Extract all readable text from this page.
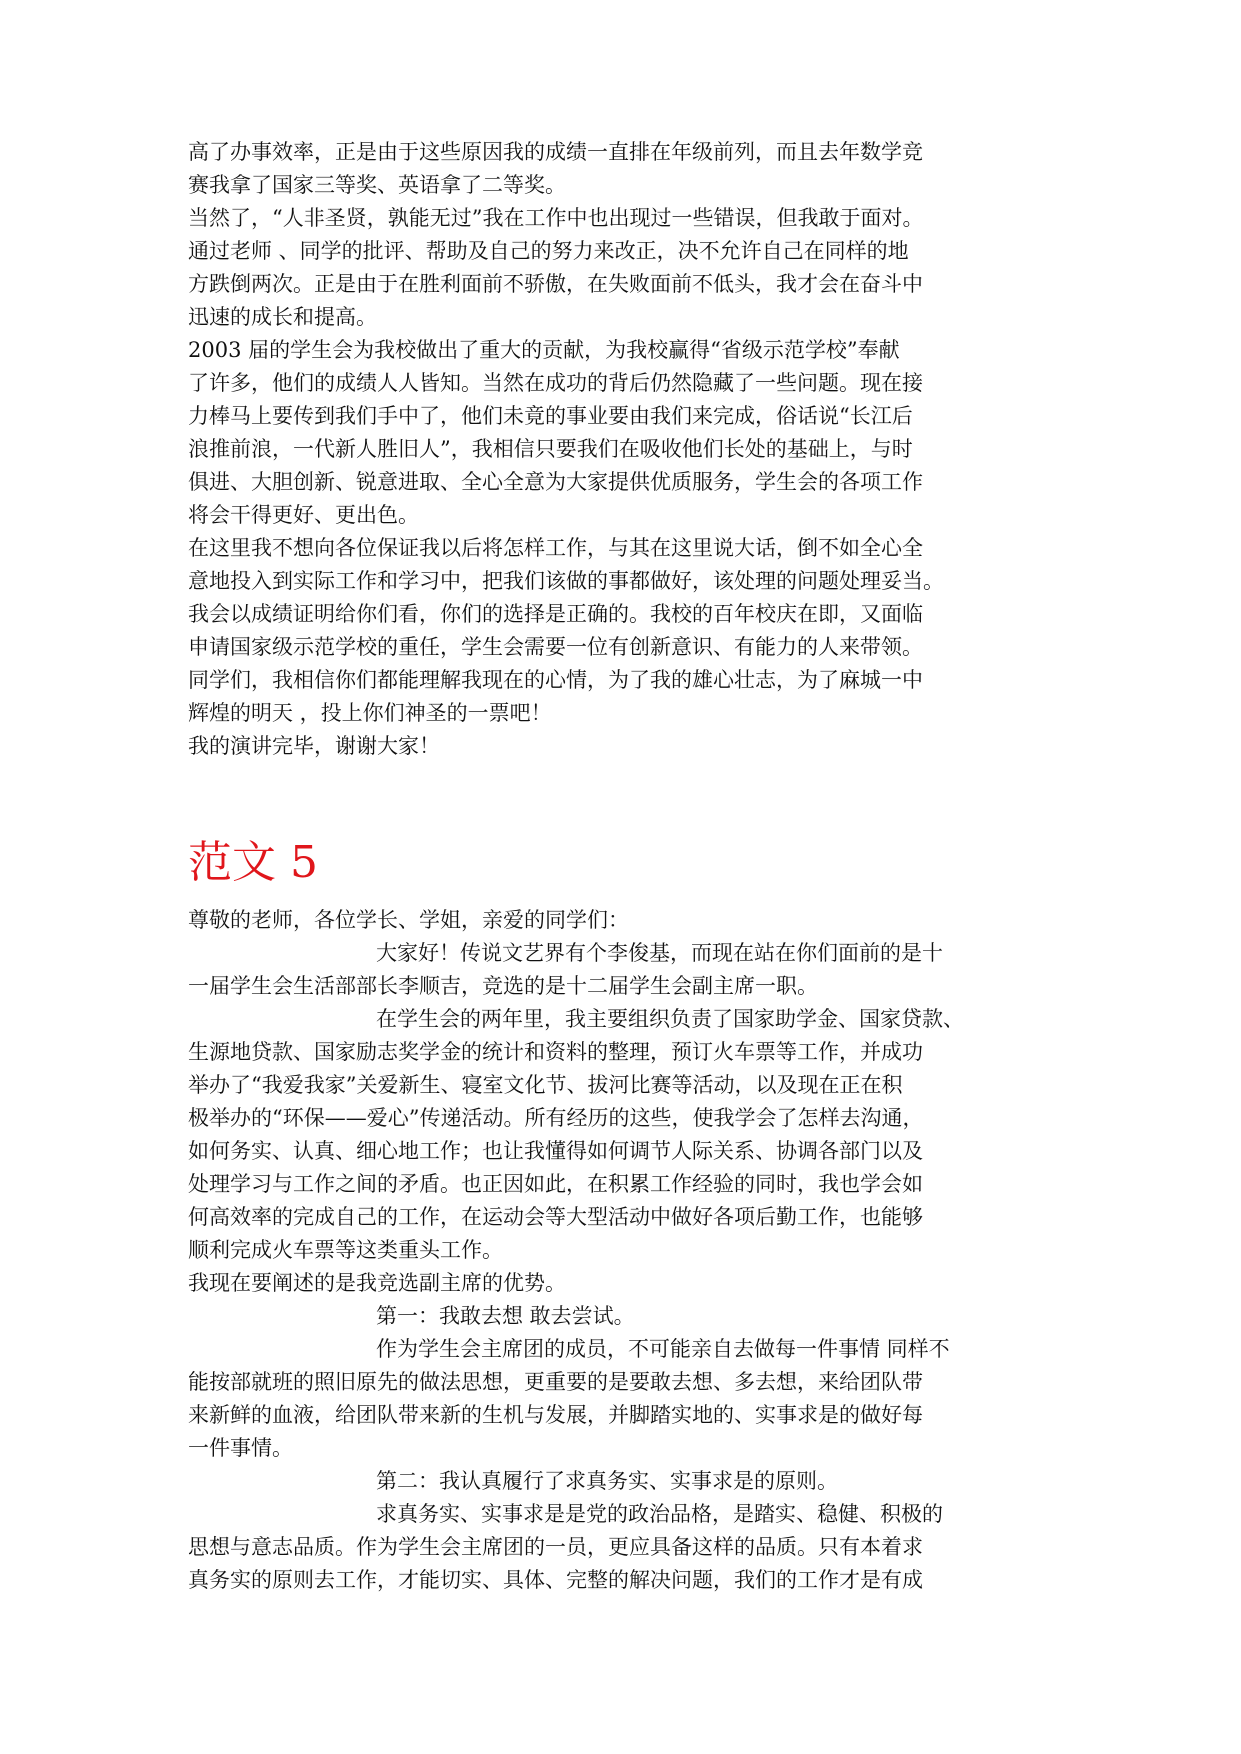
高了办事效率，正是由于这些原因我的成绩一直排在年级前列，而且去年数学竞
赛我拿了国家三等奖、英语拿了二等奖。
当然了，“人非圣贤，孰能无过”我在工作中也出现过一些错误，但我敢于面对。
通过老师 、同学的批评、帮助及自己的努力来改正，决不允许自己在同样的地
方跌倒两次。正是由于在胜利面前不骄傲，在失败面前不低头，我才会在奋斗中
迅速的成长和提高。
2003 届的学生会为我校做出了重大的贡献，为我校赢得“省级示范学校”奉献
了许多，他们的成绩人人皆知。当然在成功的背后仍然隐藏了一些问题。现在接
力棒马上要传到我们手中了，他们未竟的事业要由我们来完成，俗话说“长江后
浪推前浪，一代新人胜旧人”，我相信只要我们在吸收他们长处的基础上，与时
俱进、大胆创新、锐意进取、全心全意为大家提供优质服务，学生会的各项工作
将会干得更好、更出色。
在这里我不想向各位保证我以后将怎样工作，与其在这里说大话，倒不如全心全
意地投入到实际工作和学习中，把我们该做的事都做好，该处理的问题处理妥当。
我会以成绩证明给你们看，你们的选择是正确的。我校的百年校庆在即，又面临
申请国家级示范学校的重任，学生会需要一位有创新意识、有能力的人来带领。
同学们，我相信你们都能理解我现在的心情，为了我的雄心壮志，为了麻城一中
辉煌的明天 ，投上你们神圣的一票吧！
我的演讲完毕，谢谢大家！
范文 5
尊敬的老师，各位学长、学姐，亲爱的同学们：
大家好！传说文艺界有个李俊基，而现在站在你们面前的是十
一届学生会生活部部长李顺吉，竞选的是十二届学生会副主席一职。
在学生会的两年里，我主要组织负责了国家助学金、国家贷款、
生源地贷款、国家励志奖学金的统计和资料的整理，预订火车票等工作，并成功
举办了“我爱我家”关爱新生、寝室文化节、拔河比赛等活动，以及现在正在积
极举办的“环保——爱心”传递活动。所有经历的这些，使我学会了怎样去沟通，
如何务实、认真、细心地工作；也让我懂得如何调节人际关系、协调各部门以及
处理学习与工作之间的矛盾。也正因如此，在积累工作经验的同时，我也学会如
何高效率的完成自己的工作，在运动会等大型活动中做好各项后勤工作，也能够
顺利完成火车票等这类重头工作。
我现在要阐述的是我竞选副主席的优势。
第一：我敢去想 敢去尝试。
作为学生会主席团的成员，不可能亲自去做每一件事情 同样不
能按部就班的照旧原先的做法思想，更重要的是要敢去想、多去想，来给团队带
来新鲜的血液，给团队带来新的生机与发展，并脚踏实地的、实事求是的做好每
一件事情。
第二：我认真履行了求真务实、实事求是的原则。
求真务实、实事求是是党的政治品格，是踏实、稳健、积极的
思想与意志品质。作为学生会主席团的一员，更应具备这样的品质。只有本着求
真务实的原则去工作，才能切实、具体、完整的解决问题，我们的工作才是有成
